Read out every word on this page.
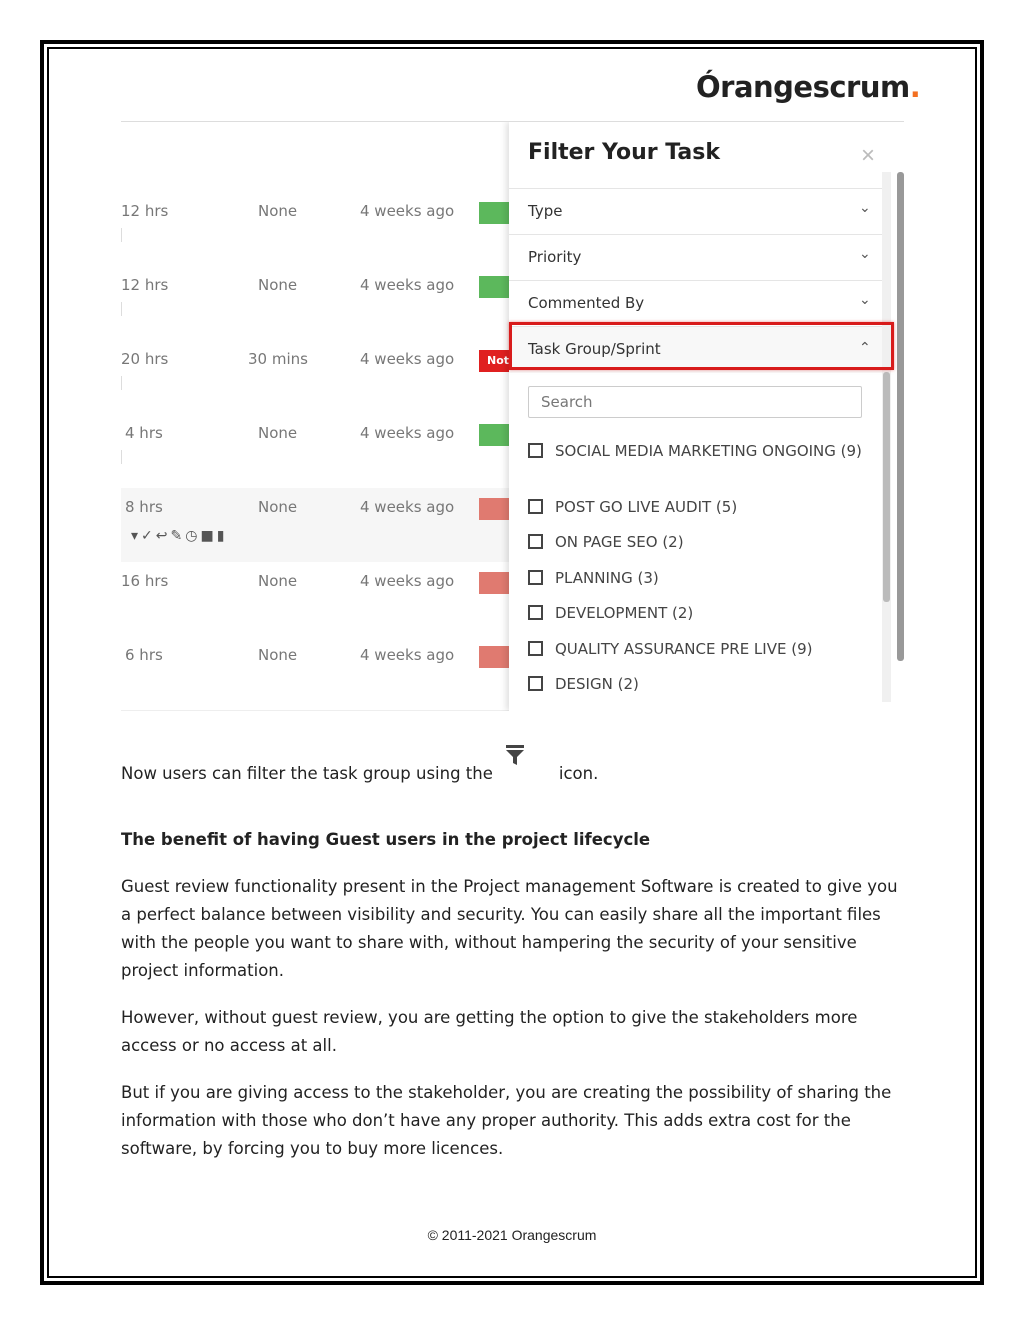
Órangescrum.
12 hrs	None	4 weeks ago
12 hrs	None	4 weeks ago
20 hrs	30 mins	4 weeks ago	Not
4 hrs	None	4 weeks ago
8 hrs	None	4 weeks ago
▾✓↩✎◷■▮
16 hrs	None	4 weeks ago
6 hrs	None	4 weeks ago
Filter Your Task	×
Type	⌄
Priority	⌄
Commented By	⌄
Task Group/Sprint	⌃
Search
SOCIAL MEDIA MARKETING ONGOING (9)
POST GO LIVE AUDIT (5)
ON PAGE SEO (2)
PLANNING (3)
DEVELOPMENT (2)
QUALITY ASSURANCE PRE LIVE (9)
DESIGN (2)
Now users can filter the task group using the	icon.
The benefit of having Guest users in the project lifecycle
Guest review functionality present in the Project management Software is created to give you a perfect balance between visibility and security. You can easily share all the important files with the people you want to share with, without hampering the security of your sensitive project information.
However, without guest review, you are getting the option to give the stakeholders more access or no access at all.
But if you are giving access to the stakeholder, you are creating the possibility of sharing the information with those who don’t have any proper authority. This adds extra cost for the software, by forcing you to buy more licences.
© 2011-2021 Orangescrum
